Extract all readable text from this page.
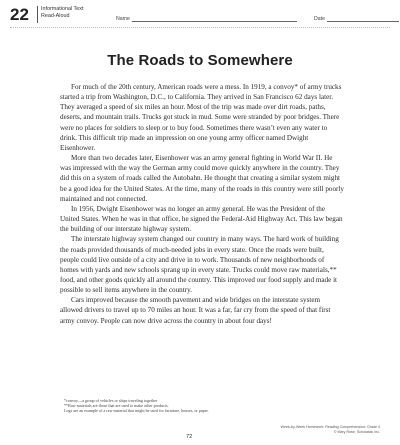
22 Informational Text
Read-Aloud
Name	Date
The Roads to Somewhere

For much of the 20th century, American roads were a mess. In 1919, a convoy* of army trucks started a trip from Washington, D.C., to California. They arrived in San Francisco 62 days later. They averaged a speed of six miles an hour. Most of the trip was made over dirt roads, paths, deserts, and mountain trails. Trucks got stuck in mud. Some were stranded by poor bridges. There were no places for soldiers to sleep or to buy food. Sometimes there wasn’t even any water to drink. This difficult trip made an impression on one young army officer named Dwight Eisenhower.

More than two decades later, Eisenhower was an army general fighting in World War II. He was impressed with the way the German army could move quickly anywhere in the country. They did this on a system of roads called the Autobahn. He thought that creating a similar system might be a good idea for the United States. At the time, many of the roads in this country were still poorly maintained and not connected.

In 1956, Dwight Eisenhower was no longer an army general. He was the President of the United States. When he was in that office, he signed the Federal-Aid Highway Act. This law began the building of our interstate highway system.

The interstate highway system changed our country in many ways. The hard work of building the roads provided thousands of much-needed jobs in every state. Once the roads were built, people could live outside of a city and drive in to work. Thousands of new neighborhoods of homes with yards and new schools sprang up in every state. Trucks could move raw materials,** food, and other goods quickly all around the country. This improved our food supply and made it possible to sell items anywhere in the country.

Cars improved because the smooth pavement and wide bridges on the interstate system allowed drivers to travel up to 70 miles an hour. It was a far, far cry from the speed of that first army convoy. People can now drive across the country in about four days!

*convoy—a group of vehicles or ships traveling together
**Raw materials are those that are used to make other products.
Logs are an example of a raw material that might be used for furniture, houses, or paper.
Week-by-Week Homework: Reading Comprehension: Grade 4
© Mary Rose, Scholastic Inc.
72
